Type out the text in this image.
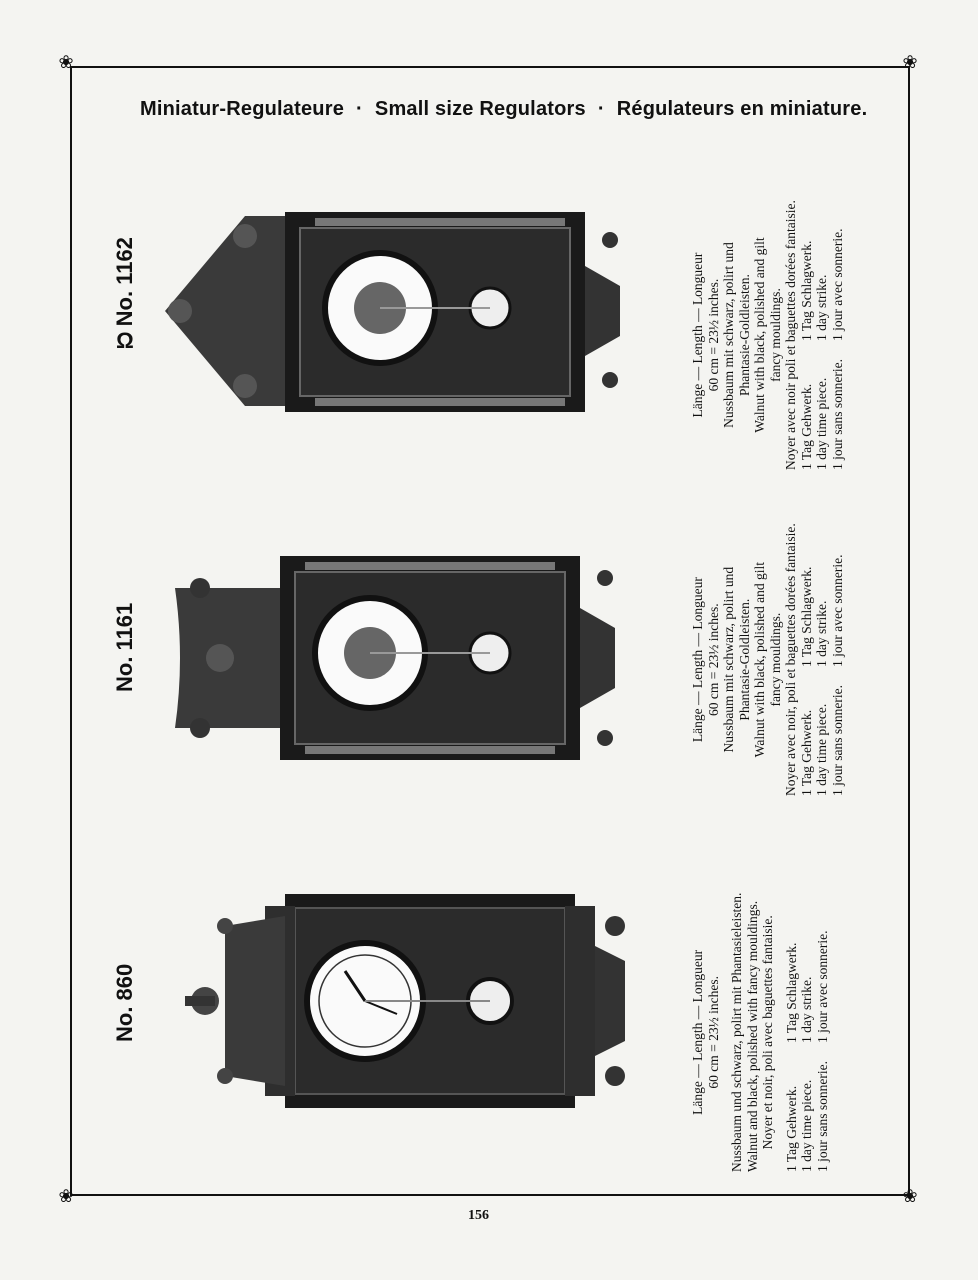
❀	❀
❀	❀
Miniatur-Regulateure · Small size Regulators · Régulateurs en miniature.
No. 860	Länge — Length — Longueur 60 cm = 23½ inches. Nussbaum und schwarz, polirt mit Phantasieleisten. Walnut and black, polished with fancy mouldings. Noyer et noir, poli avec baguettes fantaisie. 1 Tag Gehwerk. 1 day time piece. 1 jour sans sonnerie.
1 Tag Schlagwerk. 1 day strike. 1 jour avec sonnerie.
No. 1161	Länge — Length — Longueur 60 cm = 23½ inches. Nussbaum mit schwarz, polirt und Phantasie-Goldleisten. Walnut with black, polished and gilt fancy mouldings. Noyer avec noir, poli et baguettes dorées fantaisie. 1 Tag Gehwerk. 1 day time piece. 1 jour sans sonnerie.
1 Tag Schlagwerk. 1 day strike. 1 jour avec sonnerie.
ΩNo. 1162	Länge — Length — Longueur 60 cm = 23½ inches. Nussbaum mit schwarz, polirt und Phantasie-Goldleisten. Walnut with black, polished and gilt fancy mouldings. Noyer avec noir poli et baguettes dorées fantaisie. 1 Tag Gehwerk. 1 day time piece. 1 jour sans sonnerie.
1 Tag Schlagwerk. 1 day strike. 1 jour avec sonnerie.
156
